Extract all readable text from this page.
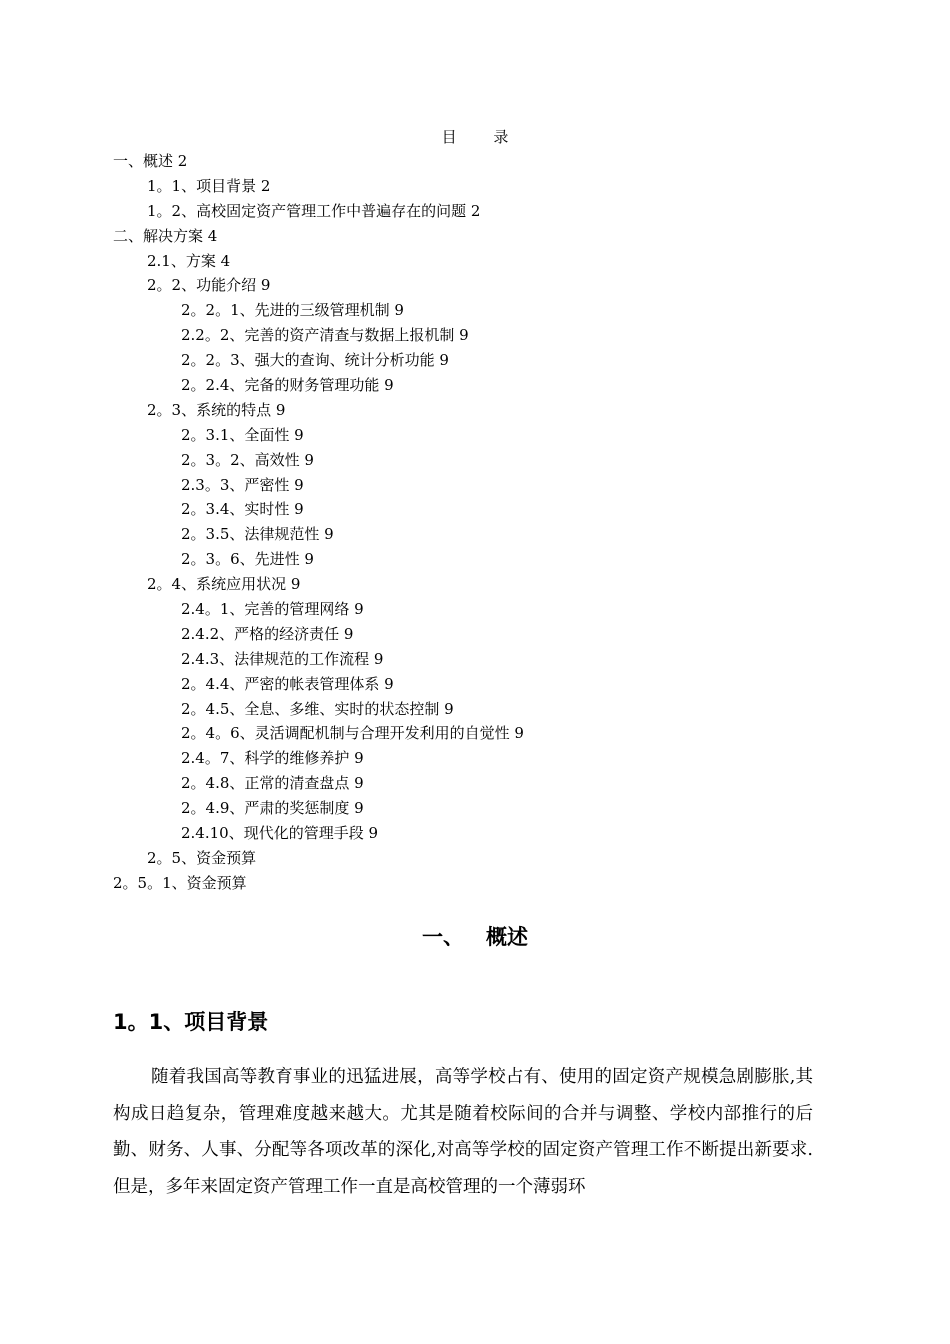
目 录
一、概述 2
1。1、项目背景 2
1。2、高校固定资产管理工作中普遍存在的问题 2
二、解决方案 4
2.1、方案 4
2。2、功能介绍 9
2。2。1、先进的三级管理机制 9
2.2。2、完善的资产清查与数据上报机制 9
2。2。3、强大的查询、统计分析功能 9
2。2.4、完备的财务管理功能 9
2。3、系统的特点 9
2。3.1、全面性 9
2。3。2、高效性 9
2.3。3、严密性 9
2。3.4、实时性 9
2。3.5、法律规范性 9
2。3。6、先进性 9
2。4、系统应用状况 9
2.4。1、完善的管理网络 9
2.4.2、严格的经济责任 9
2.4.3、法律规范的工作流程 9
2。4.4、严密的帐表管理体系 9
2。4.5、全息、多维、实时的状态控制 9
2。4。6、灵活调配机制与合理开发利用的自觉性 9
2.4。7、科学的维修养护 9
2。4.8、正常的清查盘点 9
2。4.9、严肃的奖惩制度 9
2.4.10、现代化的管理手段 9
2。5、资金预算
2。5。1、资金预算
一、 概述
1。1、项目背景

随着我国高等教育事业的迅猛进展，高等学校占有、使用的固定资产规模急剧膨胀,其构成日趋复杂，管理难度越来越大。尤其是随着校际间的合并与调整、学校内部推行的后勤、财务、人事、分配等各项改革的深化,对高等学校的固定资产管理工作不断提出新要求.但是，多年来固定资产管理工作一直是高校管理的一个薄弱环
